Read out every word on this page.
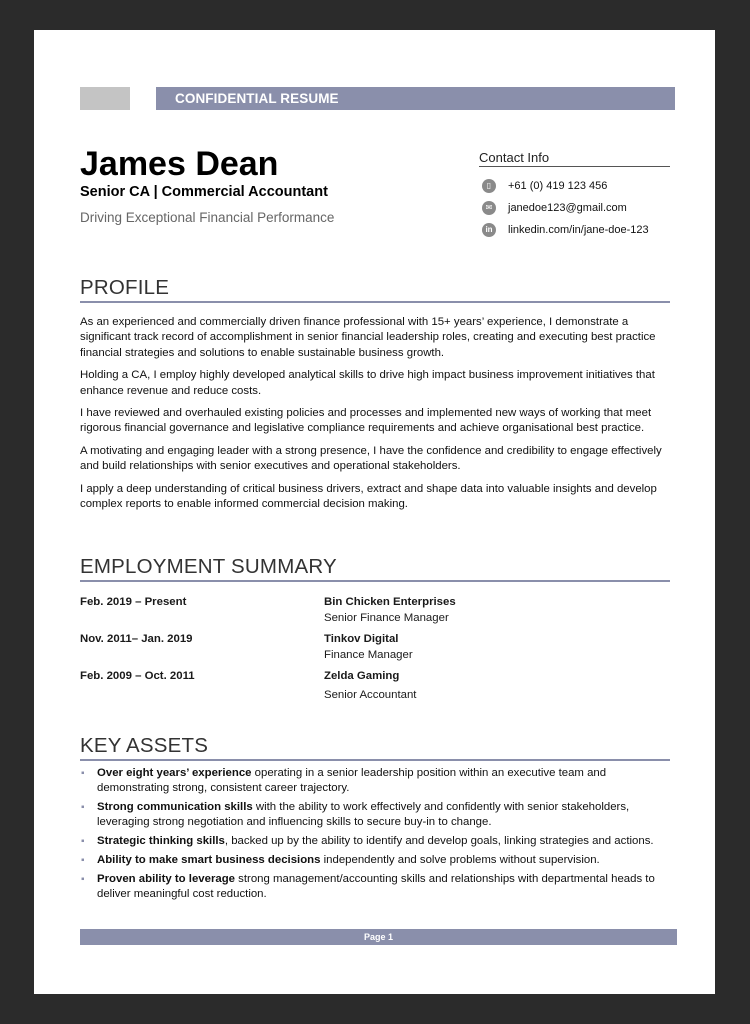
CONFIDENTIAL RESUME
James Dean
Senior CA | Commercial Accountant
Driving Exceptional Financial Performance
Contact Info
▯	+61 (0) 419 123 456
✉	janedoe123@gmail.com
in	linkedin.com/in/jane-doe-123
PROFILE

As an experienced and commercially driven finance professional with 15+ years’ experience, I demonstrate a significant track record of accomplishment in senior financial leadership roles, creating and executing best practice financial strategies and solutions to enable sustainable business growth.

Holding a CA, I employ highly developed analytical skills to drive high impact business improvement initiatives that enhance revenue and reduce costs.

I have reviewed and overhauled existing policies and processes and implemented new ways of working that meet rigorous financial governance and legislative compliance requirements and achieve organisational best practice.

A motivating and engaging leader with a strong presence, I have the confidence and credibility to engage effectively and build relationships with senior executives and operational stakeholders.

I apply a deep understanding of critical business drivers, extract and shape data into valuable insights and develop complex reports to enable informed commercial decision making.

EMPLOYMENT SUMMARY
Feb. 2019 – Present	Bin Chicken Enterprises
Senior Finance Manager
Nov. 2011– Jan. 2019	Tinkov Digital
Finance Manager
Feb. 2009 – Oct. 2011	Zelda Gaming
Senior Accountant
KEY ASSETS
▪ Over eight years’ experience operating in a senior leadership position within an executive team and demonstrating strong, consistent career trajectory.
▪ Strong communication skills with the ability to work effectively and confidently with senior stakeholders, leveraging strong negotiation and influencing skills to secure buy-in to change.
▪ Strategic thinking skills, backed up by the ability to identify and develop goals, linking strategies and actions.
▪ Ability to make smart business decisions independently and solve problems without supervision.
▪ Proven ability to leverage strong management/accounting skills and relationships with departmental heads to deliver meaningful cost reduction.
Page 1
